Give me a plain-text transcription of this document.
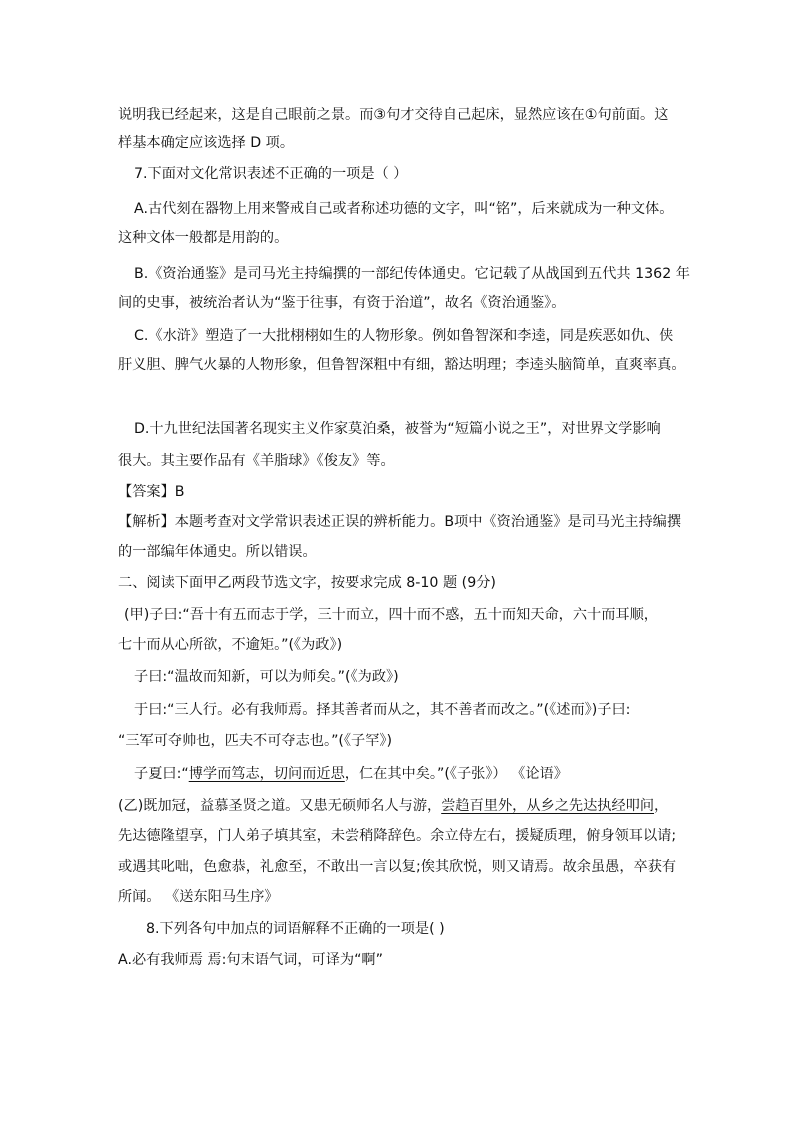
说明我已经起来，这是自己眼前之景。而③句才交待自己起床，显然应该在①句前面。这
样基本确定应该选择 D 项。
7.下面对文化常识表述不正确的一项是（ ）
A.古代刻在器物上用来警戒自己或者称述功德的文字，叫“铭”，后来就成为一种文体。
这种文体一般都是用韵的。
B.《资治通鉴》是司马光主持编撰的一部纪传体通史。它记载了从战国到五代共 1362 年
间的史事，被统治者认为“鉴于往事，有资于治道”，故名《资治通鉴》。
C.《水浒》塑造了一大批栩栩如生的人物形象。例如鲁智深和李逵，同是疾恶如仇、侠
肝义胆、脾气火暴的人物形象，但鲁智深粗中有细，豁达明理；李逵头脑简单，直爽率真。
D.十九世纪法国著名现实主义作家莫泊桑，被誉为“短篇小说之王”，对世界文学影响
很大。其主要作品有《羊脂球》《俊友》等。
【答案】B
【解析】本题考查对文学常识表述正误的辨析能力。B项中《资治通鉴》是司马光主持编撰
的一部编年体通史。所以错误。
二、阅读下面甲乙两段节选文字，按要求完成 8-10 题 (9分)
(甲)子曰:“吾十有五而志于学，三十而立，四十而不惑，五十而知天命，六十而耳顺，
七十而从心所欲，不逾矩。”(《为政》)
子曰:“温故而知新，可以为师矣。”(《为政》)
于曰:“三人行。必有我师焉。择其善者而从之，其不善者而改之。”(《述而》)子曰:
“三军可夺帅也，匹夫不可夺志也。”(《子罕》)
子夏曰:“博学而笃志，切问而近思，仁在其中矣。”(《子张》） 《论语》
(乙)既加冠，益慕圣贤之道。又患无硕师名人与游，尝趋百里外，从乡之先达执经叩问，
先达德隆望享，门人弟子填其室，未尝稍降辞色。余立侍左右，援疑质理，俯身领耳以请;
或遇其叱咄，色愈恭，礼愈至，不敢出一言以复;俟其欣悦，则又请焉。故余虽愚，卒获有
所闻。 《送东阳马生序》
8.下列各句中加点的词语解释不正确的一项是( )
A.必有我师焉 焉:句末语气词，可译为“啊”
